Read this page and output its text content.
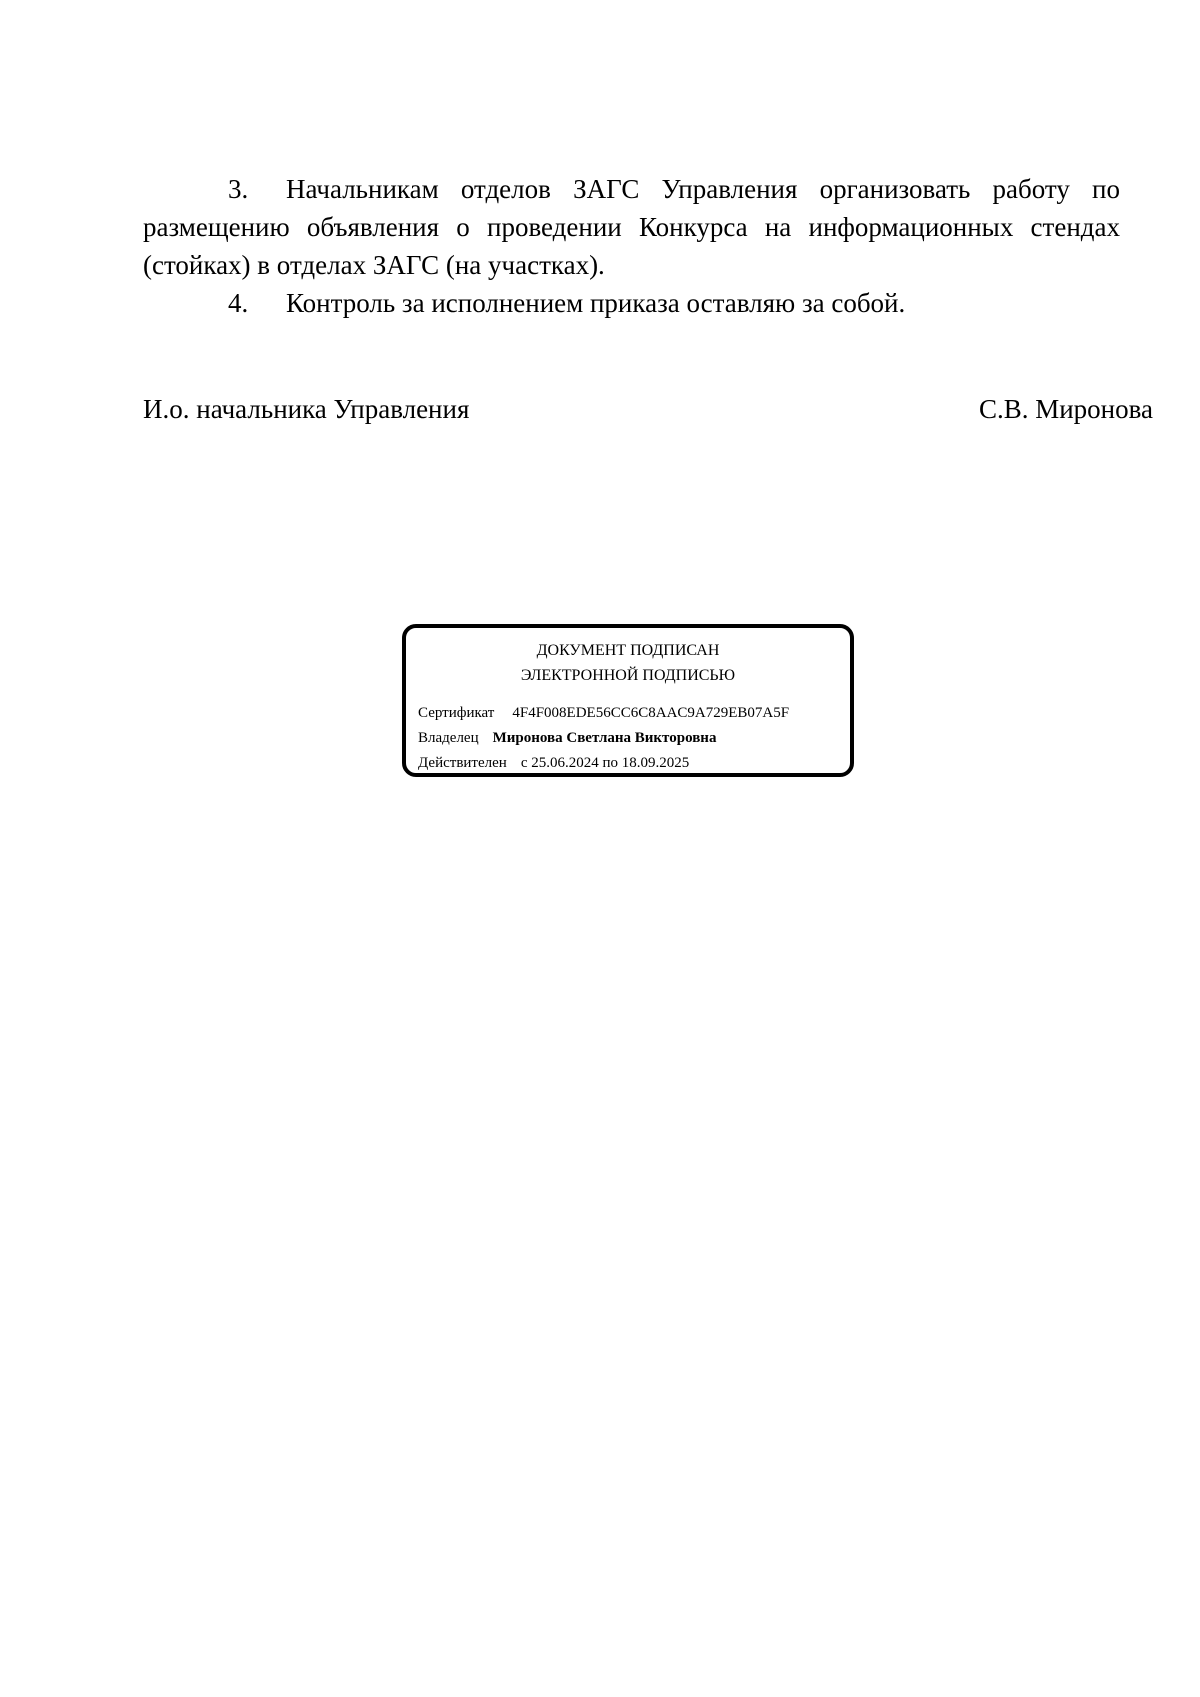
3. Начальникам отделов ЗАГС Управления организовать работу по размещению объявления о проведении Конкурса на информационных стендах (стойках) в отделах ЗАГС (на участках).

4. Контроль за исполнением приказа оставляю за собой.

И.о. начальника Управления	С.В. Миронова
ДОКУМЕНТ ПОДПИСАН
ЭЛЕКТРОННОЙ ПОДПИСЬЮ
Сертификат 4F4F008EDE56CC6C8AAC9A729EB07A5F
Владелец Миронова Светлана Викторовна
Действителен с 25.06.2024 по 18.09.2025
